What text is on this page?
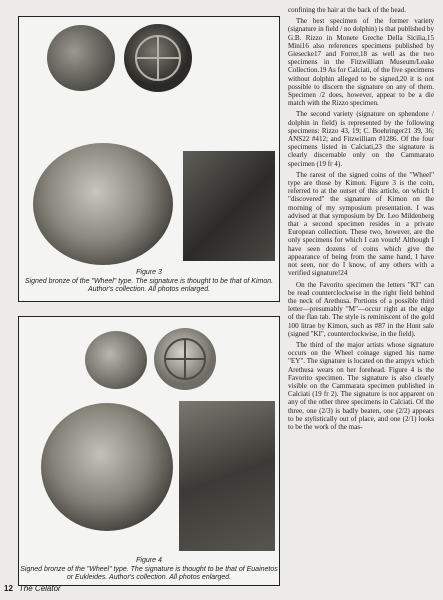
Figure 3
Signed bronze of the "Wheel" type. The signature is thought to be that of Kimon. Author's collection. All photos enlarged.
Figure 4
Signed bronze of the "Wheel" type. The signature is thought to be that of Euainetos or Eukleides. Author's collection. All photos enlarged.

confining the hair at the back of the head.

The best specimen of the former variety (signature in field / no dolphin) is that published by G.B. Rizzo in Monete Greche Della Sicilia,15 Mini16 also references specimens published by Giesecke17 and Forrer,18 as well as the two specimens in the Fitzwilliam Museum/Leake Collection.19 As for Calciati, of the five specimens without dolphin alleged to be signed,20 it is not possible to discern the signature on any of them. Specimen /2 does, however, appear to be a die match with the Rizzo specimen.

The second variety (signature on sphendone / dolphin in field) is represented by the following specimens: Rizzo 43, 19; C. Boehringer21 39, 36; ANS22 #412; and Fitzwilliam #1286. Of the four specimens listed in Calciati,23 the signature is clearly discernable only on the Cammarato specimen (19 fr 4).

The rarest of the signed coins of the "Wheel" type are those by Kimon. Figure 3 is the coin, referred to at the outset of this article, on which I "discovered" the signature of Kimon on the morning of my symposium presentation. I was advised at that symposium by Dr. Leo Mildenberg that a second specimen resides in a private European collection. These two, however, are the only specimens for which I can vouch! Although I have seen dozens of coins which give the appearance of being from the same hand, I have not seen, nor do I know, of any others with a verified signature!24

On the Favorito specimen the letters "KI" can be read counterclockwise in the right field behind the neck of Arethusa. Portions of a possible third letter—presumably "M"—occur right at the edge of the flan tab. The style is reminiscent of the gold 100 litrae by Kimon, such as #87 in the Hunt sale (signed "KI", counterclockwise, in the field).

The third of the major artists whose signature occurs on the Wheel coinage signed his name "EY". The signature is located on the ampyx which Arethusa wears on her forehead. Figure 4 is the Favorito specimen. The signature is also clearly visible on the Cammarata specimen published in Calciati (19 fr 2). The signature is not apparent on any of the other three specimens in Calciati. Of the three, one (2/3) is badly beaten, one (2/2) appears to be stylistically out of place, and one (2/1) looks to be the work of the mas-

12 The Celator
